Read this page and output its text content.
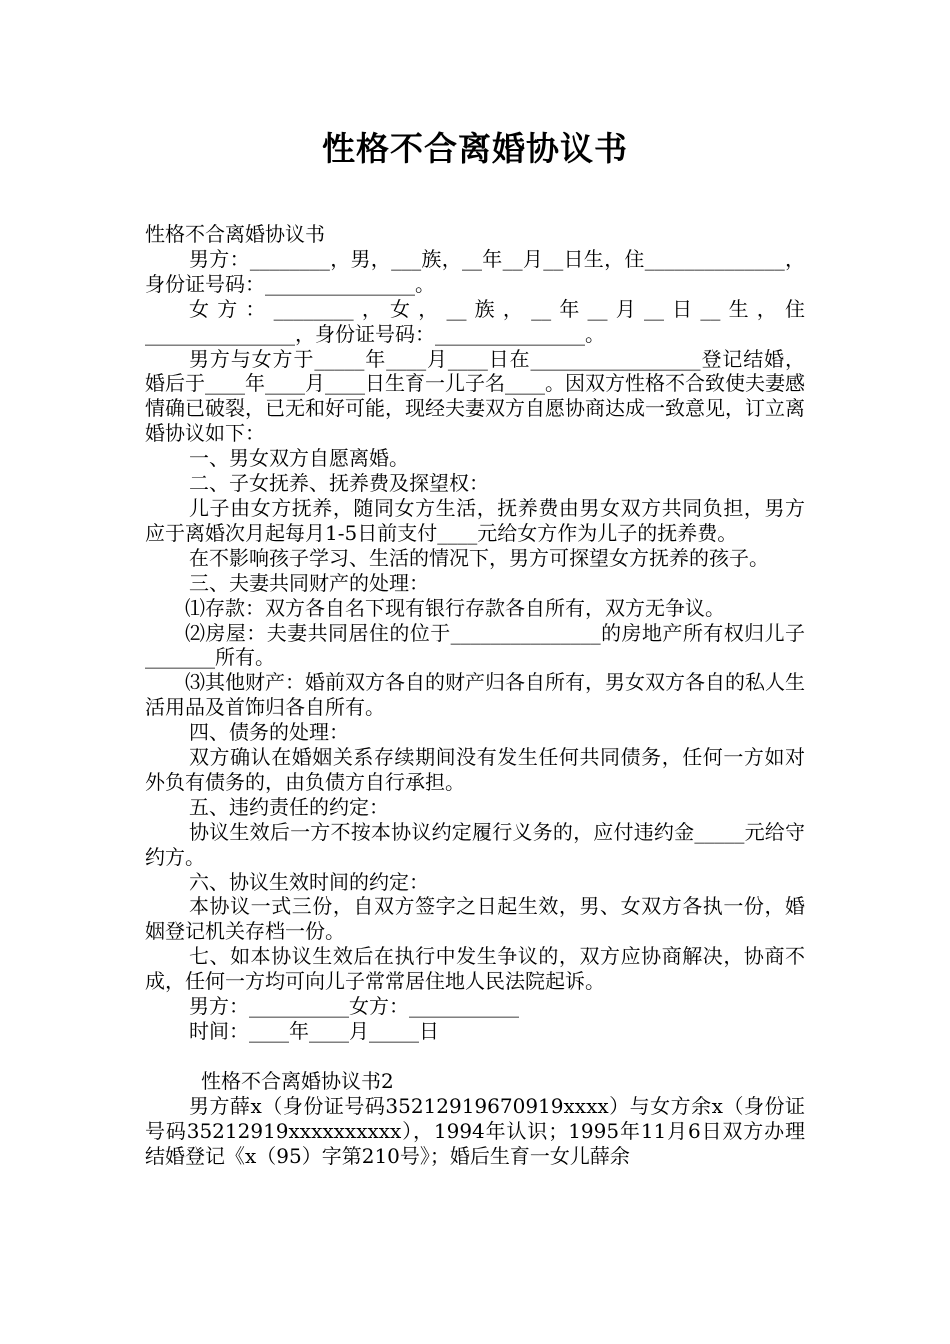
性格不合离婚协议书

性格不合离婚协议书

男方：________，男，___族，__年__月__日生，住______________，身份证号码：_______________。

女方：________，女，__族，__年__月__日__生，住_______________，身份证号码：_______________。

男方与女方于_____年____月____日在_________________登记结婚，婚后于____年____月____日生育一儿子名____。因双方性格不合致使夫妻感情确已破裂，已无和好可能，现经夫妻双方自愿协商达成一致意见，订立离婚协议如下：

一、男女双方自愿离婚。

二、子女抚养、抚养费及探望权：

儿子由女方抚养，随同女方生活，抚养费由男女双方共同负担，男方应于离婚次月起每月1-5日前支付____元给女方作为儿子的抚养费。

在不影响孩子学习、生活的情况下，男方可探望女方抚养的孩子。

三、夫妻共同财产的处理：

⑴存款：双方各自名下现有银行存款各自所有，双方无争议。

⑵房屋：夫妻共同居住的位于_______________的房地产所有权归儿子_______所有。

⑶其他财产：婚前双方各自的财产归各自所有，男女双方各自的私人生活用品及首饰归各自所有。

四、债务的处理：

双方确认在婚姻关系存续期间没有发生任何共同债务，任何一方如对外负有债务的，由负债方自行承担。

五、违约责任的约定：

协议生效后一方不按本协议约定履行义务的，应付违约金_____元给守约方。

六、协议生效时间的约定：

本协议一式三份，自双方签字之日起生效，男、女双方各执一份，婚姻登记机关存档一份。

七、如本协议生效后在执行中发生争议的，双方应协商解决，协商不成，任何一方均可向儿子常常居住地人民法院起诉。

男方：__________女方：___________

时间：____年____月_____日

性格不合离婚协议书2

男方薛x（身份证号码35212919670919xxxx）与女方余x（身份证号码35212919xxxxxxxxxx），1994年认识；1995年11月6日双方办理结婚登记《x（95）字第210号》；婚后生育一女儿薛余
